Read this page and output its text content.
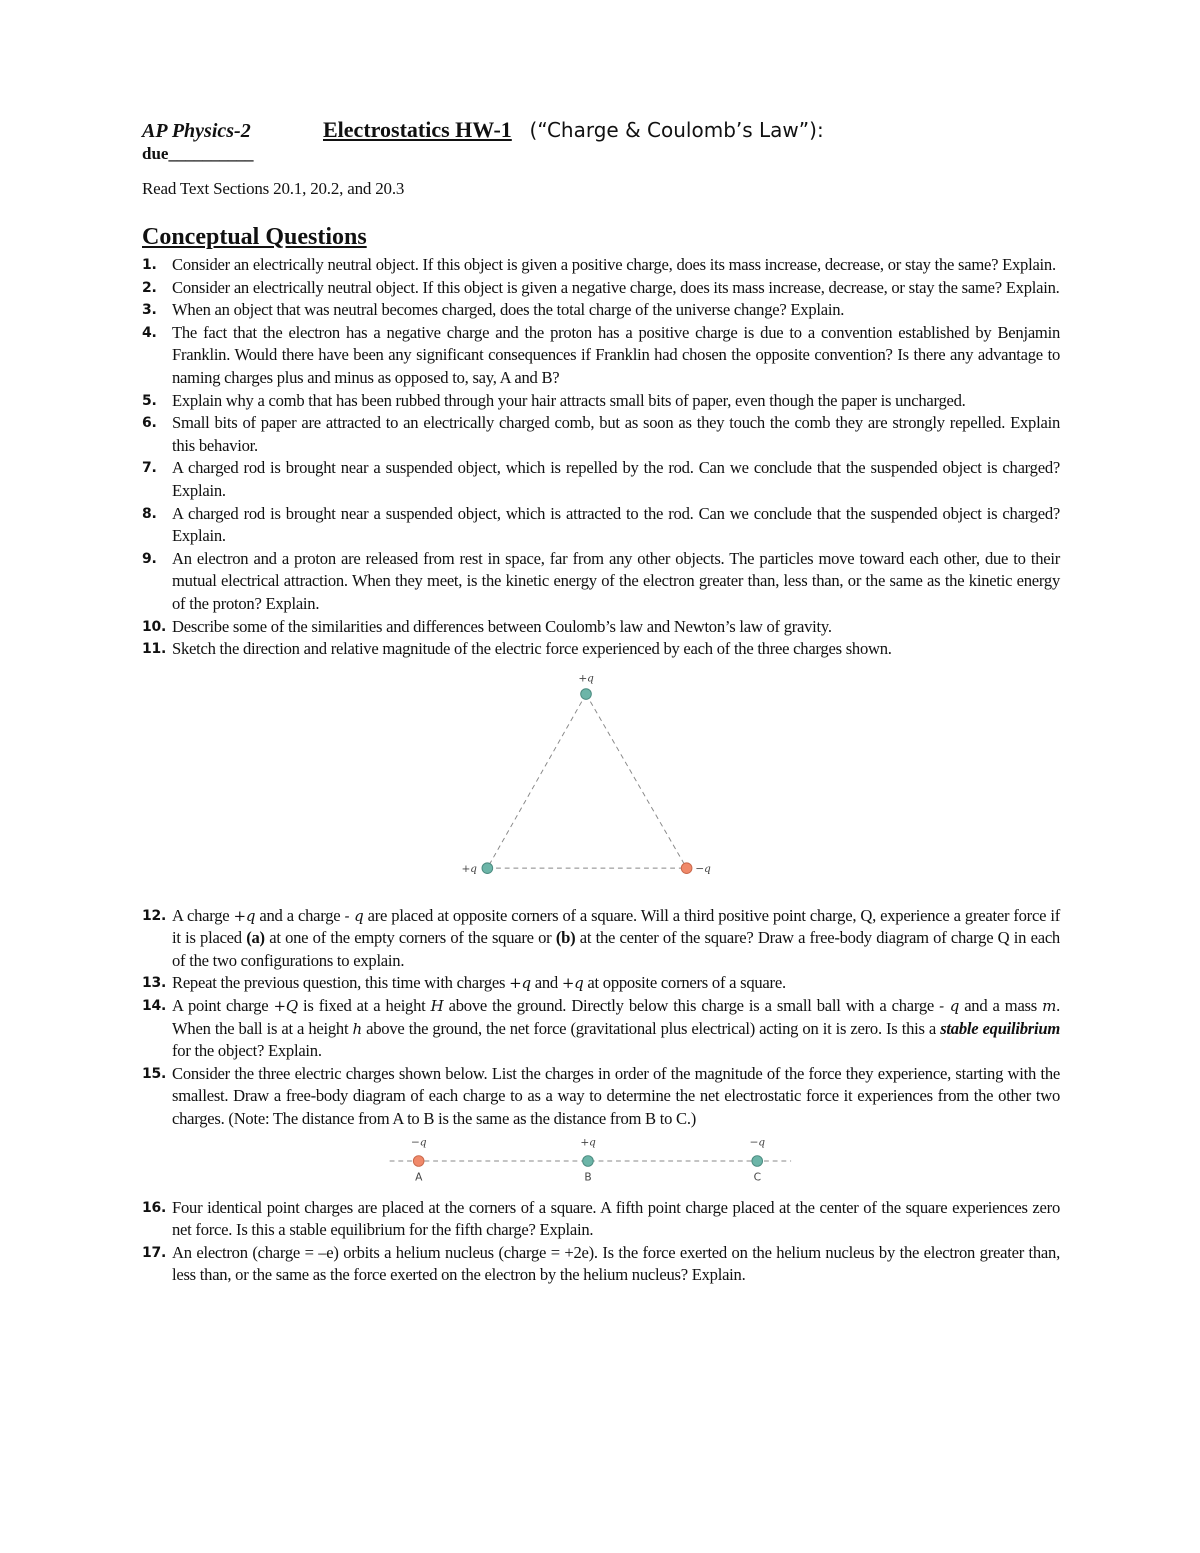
AP Physics-2	Electrostatics HW-1 (“Charge & Coulomb’s Law”):
due__________
Read Text Sections 20.1, 20.2, and 20.3
Conceptual Questions
1. Consider an electrically neutral object. If this object is given a positive charge, does its mass increase, decrease, or stay the same? Explain.
2. Consider an electrically neutral object. If this object is given a negative charge, does its mass increase, decrease, or stay the same? Explain.
3. When an object that was neutral becomes charged, does the total charge of the universe change? Explain.
4. The fact that the electron has a negative charge and the proton has a positive charge is due to a convention established by Benjamin Franklin. Would there have been any significant consequences if Franklin had chosen the opposite convention? Is there any advantage to naming charges plus and minus as opposed to, say, A and B?
5. Explain why a comb that has been rubbed through your hair attracts small bits of paper, even though the paper is uncharged.
6. Small bits of paper are attracted to an electrically charged comb, but as soon as they touch the comb they are strongly repelled. Explain this behavior.
7. A charged rod is brought near a suspended object, which is repelled by the rod. Can we conclude that the suspended object is charged? Explain.
8. A charged rod is brought near a suspended object, which is attracted to the rod. Can we conclude that the suspended object is charged? Explain.
9. An electron and a proton are released from rest in space, far from any other objects. The particles move toward each other, due to their mutual electrical attraction. When they meet, is the kinetic energy of the electron greater than, less than, or the same as the kinetic energy of the proton? Explain.
10. Describe some of the similarities and differences between Coulomb’s law and Newton’s law of gravity.
11. Sketch the direction and relative magnitude of the electric force experienced by each of the three charges shown.
+q
+q	−q
12. A charge +q and a charge - q are placed at opposite corners of a square. Will a third positive point charge, Q, experience a greater force if it is placed (a) at one of the empty corners of the square or (b) at the center of the square? Draw a free-body diagram of charge Q in each of the two configurations to explain.
13. Repeat the previous question, this time with charges +q and +q at opposite corners of a square.
14. A point charge +Q is fixed at a height H above the ground. Directly below this charge is a small ball with a charge - q and a mass m. When the ball is at a height h above the ground, the net force (gravitational plus electrical) acting on it is zero. Is this a stable equilibrium for the object? Explain.
15. Consider the three electric charges shown below. List the charges in order of the magnitude of the force they experience, starting with the smallest. Draw a free-body diagram of each charge to as a way to determine the net electrostatic force it experiences from the other two charges. (Note: The distance from A to B is the same as the distance from B to C.)
−q	+q	−q
A	B	C
16. Four identical point charges are placed at the corners of a square. A fifth point charge placed at the center of the square experiences zero net force. Is this a stable equilibrium for the fifth charge? Explain.
17. An electron (charge = –e) orbits a helium nucleus (charge = +2e). Is the force exerted on the helium nucleus by the electron greater than, less than, or the same as the force exerted on the electron by the helium nucleus? Explain.
